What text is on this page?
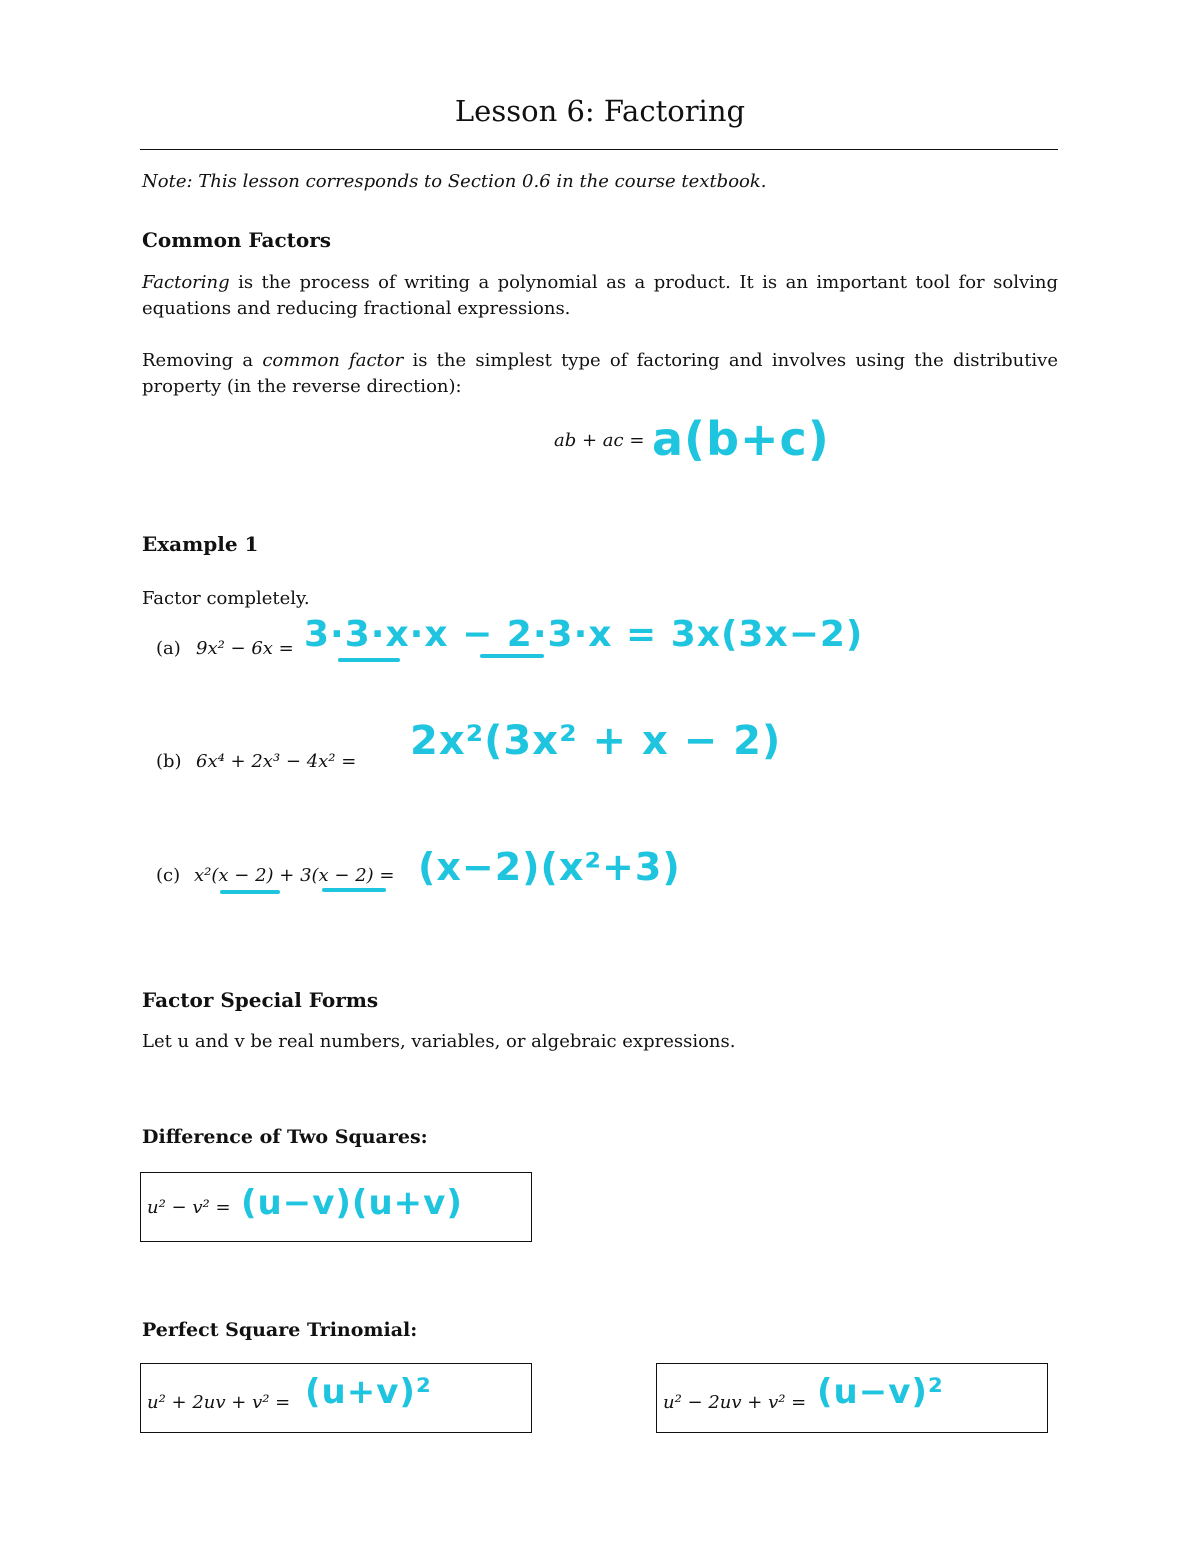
Lesson 6: Factoring
Note: This lesson corresponds to Section 0.6 in the course textbook.
Common Factors
Factoring is the process of writing a polynomial as a product. It is an important tool for solving equations and reducing fractional expressions.
Removing a common factor is the simplest type of factoring and involves using the distributive property (in the reverse direction):
ab + ac = a(b+c)
Example 1
Factor completely.
(a) 9x² − 6x = 3·3·x·x − 2·3·x = 3x(3x−2)
(b) 6x⁴ + 2x³ − 4x² = 2x²(3x² + x − 2)
(c) x²(x − 2) + 3(x − 2) = (x−2)(x²+3)
Factor Special Forms
Let u and v be real numbers, variables, or algebraic expressions.
Difference of Two Squares:
u² − v² = (u−v)(u+v)
Perfect Square Trinomial:
u² + 2uv + v² = (u+v)²	u² − 2uv + v² = (u−v)²
